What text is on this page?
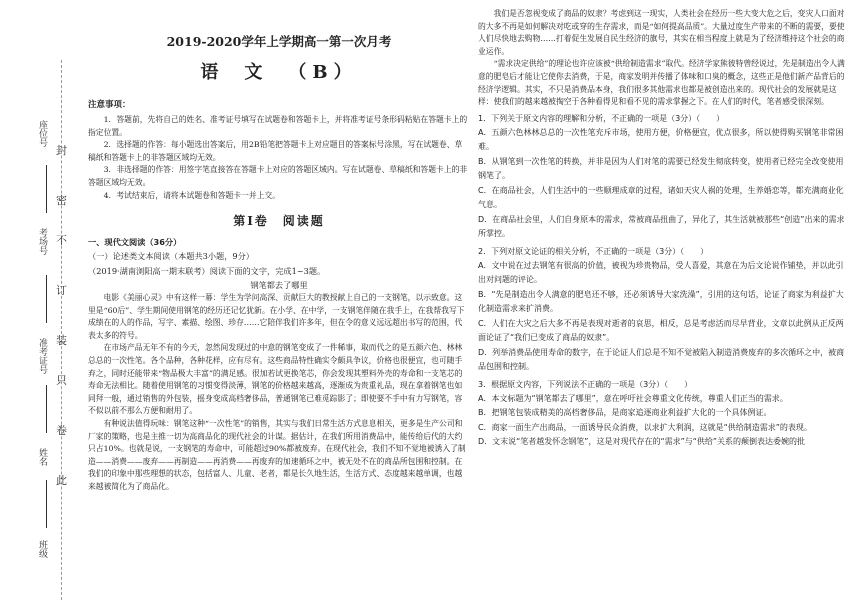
班级
姓名
准考证号
考场号
座位号
封
密
不
订
装
只
卷
此
2019-2020学年上学期高一第一次月考
语 文 （B）
注意事项：

1．答题前，先将自己的姓名、准考证号填写在试题卷和答题卡上，并将准考证号条形码粘贴在答题卡上的指定位置。

2．选择题的作答：每小题选出答案后，用2B铅笔把答题卡上对应题目的答案标号涂黑，写在试题卷、草稿纸和答题卡上的非答题区域均无效。

3．非选择题的作答：用签字笔直接答在答题卡上对应的答题区域内。写在试题卷、草稿纸和答题卡上的非答题区域均无效。

4．考试结束后，请将本试题卷和答题卡一并上交。

第Ⅰ卷　阅读题

一、现代文阅读（36分）

（一）论述类文本阅读（本题共3小题，9分）

（2019·湖南浏阳高一期末联考）阅读下面的文字，完成1~3题。

钢笔都去了哪里

电影《美丽心灵》中有这样一幕：学生为学问高深、贡献巨大的教授献上自己的一支钢笔，以示致意。这里是“60后”、学生期间使用钢笔的经历还记忆犹新。在小学、在中学，一支钢笔伴随在我手上，在我帮我写下成绩在的人的作品，写字、素描、绘图、珍存……它陪伴我们许多年，但在令的意义远远超出书写的范围，代表太多的符号。

在市场产品无年不有的今天，忽然间发现过的中意的钢笔变成了一件稀事，取而代之的是五颜六色、林林总总的一次性笔。各个品种，各种花样，应有尽有。这些商品特性确实令颇具争议，价格也很便宜，也可随手弃之，同时还能带来“物品极大丰富”的满足感。很加若试更换笔芯，你会发现其塑料外壳的寿命和一支笔芯的寿命无法相比。随着使用钢笔的习惯变得淡薄，钢笔的价格越来越高，逐渐成为贵重礼品，现在拿着钢笔也如同拜一般，通过销售的外包装，摇身变成高档奢侈品，普通钢笔已难觅踪影了；即使要不手中有力写钢笔，容不似以前不那么方便和耐用了。

有种说法值得玩味：钢笔这种“一次性笔”的销售，其实与我们日常生活方式息息相关，更多是生产公司和厂家的策略，也是主推一切为高商品化的现代社会的计谋。据估计，在我们所用消费品中，能传给后代的大约只占10%。也就是说，一支钢笔的寿命中，可能超过90%都被废弃。在现代社会，我们不知不觉地被诱入了制造——消费——废弃——再制造——再消费——再废弃的加速循环之中，被无处不在的商品所包围和控制。在我们的印象中那些理想的状态，包括富人、儿童、老者，都是长久地生活，生活方式、态度越来越单调，也越来越被简化为了商品化。

我们是否忽视变成了商品的奴隶？考虑到这一现实，人类社会在经历一些大变大危之后，变灾人口面对的大多不再是如何解决对吃或穿的生存需求，而是“如何提高品质”。大量过度生产带来的不断的需要，要使人们尽快地去购物……打着促生发展自民生经济的旗号，其实在相当程度上就是为了经济维持这个社会的商业运作。

“需求决定供给”的理论也许应该被“供给制造需求”取代。经济学家熊彼特曾经说过，先是制造出令人满意的肥皂后才能让它使你去消费，于是，商家发明并传播了体味和口臭的概念，这些正是他们新产品背后的经济学逻辑。其实，不只是消费品本身，我们很多其他需求也都是被创造出来的。现代社会的发展就是这样：使我们的越来越被掏空于各种看得见和看不见的需求掌握之下。在人们的时代，笔者感受很深刻。

1．下列关于原文内容的理解和分析，不正确的一项是（3分）（　　）

A．五颜六色林林总总的一次性笔充斥市场，使用方便，价格便宜，优点很多，所以使得购买钢笔非常困难。

B．从钢笔到一次性笔的转换，并非是因为人们对笔的需要已经发生彻底转变，使用者已经完全改变使用钢笔了。

C．在商品社会，人们生活中的一些顺理成章的过程，诸如天灾人祸的处理，生养婚恋等，都充满商业化气息。

D．在商品社会里，人们自身原本的需求，常被商品扭曲了，异化了，其生活就被那些“创造”出来的需求所掌控。

2．下列对原文论证的相关分析，不正确的一项是（3分）（　　）

A．文中说在过去钢笔有很高的价值，被视为珍贵物品，受人喜爱，其意在为后文论说作铺垫，并以此引出对问题的评论。

B．“先是制造出令人满意的肥皂还不够，还必须诱导大家洗澡”，引用的这句话，论证了商家为利益扩大化制造需求来扩消费。

C．人们在大灾之后大多不再是表现对逝者的哀思，相反，总是考虑活而尽早背业，文章以此例从正反两面论证了“我们已变成了商品的奴隶”。

D．列举消费品使用寿命的数字，在于论证人们总是不知不觉被陷入制造消费废弃的多次循环之中，被商品包围和控制。

3．根据原文内容，下列说法不正确的一项是（3分）（　　）

A．本文标题为“钢笔都去了哪里”，意在呼吁社会尊重文化传统，尊重人们正当的需求。

B．把钢笔包装成精美的高档奢侈品，是商家追逐商业利益扩大化的一个具体例证。

C．商家一面生产出商品，一面诱导民众消费，以求扩大利润，这就是“供给制造需求”的表现。

D．文末说“笔者越发怀念钢笔”，这是对现代存在的“需求”与“供给”关系的颠倒表达委婉的批
